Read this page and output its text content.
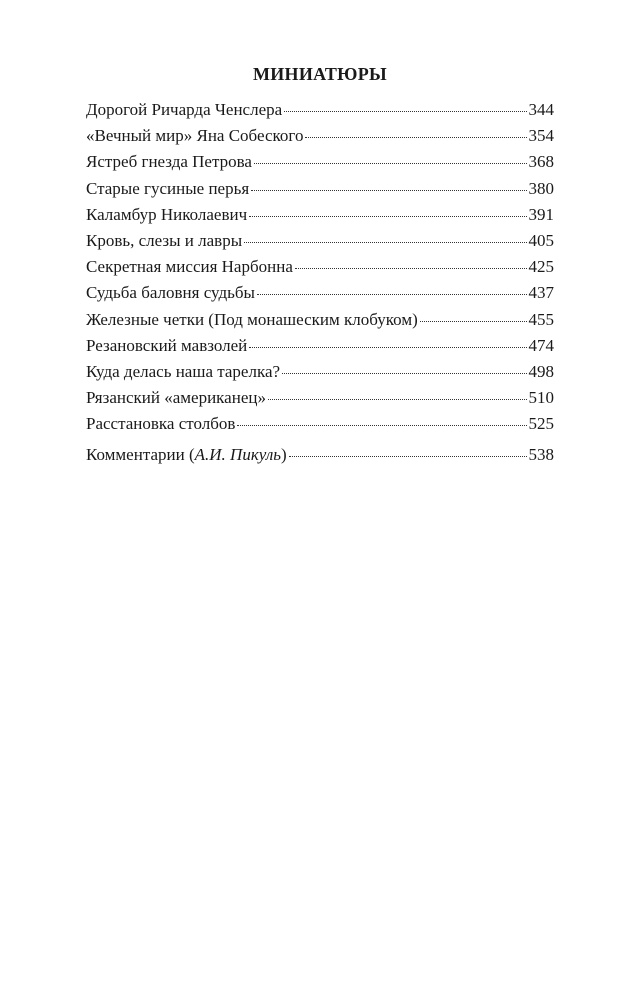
МИНИАТЮРЫ
Дорогой Ричарда Ченслера	344
«Вечный мир» Яна Собеского	354
Ястреб гнезда Петрова	368
Старые гусиные перья	380
Каламбур Николаевич	391
Кровь, слезы и лавры	405
Секретная миссия Нарбонна	425
Судьба баловня судьбы	437
Железные четки (Под монашеским клобуком)	455
Резановский мавзолей	474
Куда делась наша тарелка?	498
Рязанский «американец»	510
Расстановка столбов	525
Комментарии (А.И. Пикуль)	538
